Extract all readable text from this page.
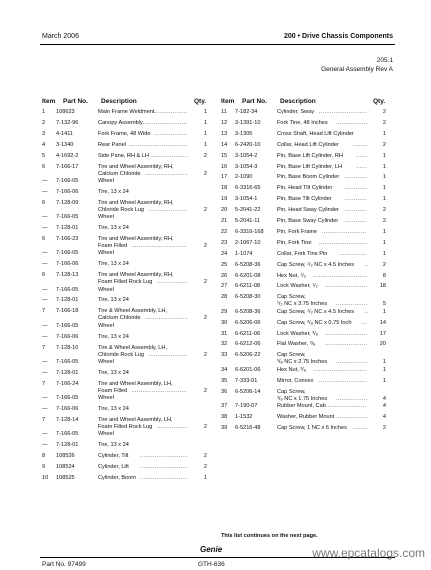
March 2006	200 • Drive Chassis Components
205.1
General Assembly Rev A
Item Part No. Description	Qty.
1 108623	Main Frame Weldment	1
..................
2 7-132-96	Canopy Assembly	1
........................
3 4-1411	Fork Frame, 48 Wide	1
..................
4 3-1340	Rear Panel	1
................................
5 4-1692-2	Side Pane, RH & LH	2
....................
6 7-166-17	Tire and Wheel Assembly, RH,
Calcium Chloride	2
.......................
— 7-166-05	Wheel
— 7-166-06	Tire, 13 x 24
6 7-128-09	Tire and Wheel Assembly, RH,
Chloride Rock Lug	2
.....................
— 7-166-05	Wheel
— 7-128-01	Tire, 13 x 24
6 7-166-23	Tire and Wheel Assembly, RH,
Foam Filled	2
..............................
— 7-166-05	Wheel
— 7-166-06	Tire, 13 x 24
6 7-128-13	Tire and Wheel Assembly, RH,
Foam Filled Rock Lug	2
.................
— 7-166-05	Wheel
— 7-128-01	Tire, 13 x 24
7 7-166-18	Tire & Wheel Assembly, LH,
Calcium Chloride	2
.......................
— 7-166-05	Wheel
— 7-166-06	Tire, 13 x 24
7 7-128-10	Tire & Wheel Assembly, LH,
Chloride Rock Lug	2
.....................
— 7-166-05	Wheel
— 7-128-01	Tire, 13 x 24
7 7-166-24	Tire and Wheel Assembly, LH,
Foam Filled	2
..............................
— 7-166-05	Wheel
— 7-166-06	Tire, 13 x 24
7 7-128-14	Tire and Wheel Assembly, LH,
Foam Filled Rock Lug	2
.................
— 7-166-05	Wheel
— 7-128-01	Tire, 13 x 24
8 108526	Cylinder, Tilt	2
..........................
9 108524	Cylinder, Lift	2
..........................
10 108525	Cylinder, Boom	1
..........................
Item Part No. Description	Qty.
11 7-182-34	Cylinder, Sway	2
..........................
12 3-1391-10	Fork Tine, 48 Inches	2
.................
13 3-1305	Cross Shaft, Head Lift Cylinder	1
14 6-2420-10	Collar, Head Lift Cylinder	2
........
15 3-1054-2	Pin, Base Lift Cylinder, RH	1
......
16 3-1054-3	Pin, Base Lift Cylinder, LH	1
......
17 2-1090	Pin, Base Boom Cylinder	1
............
18 6-3316-65	Pin, Head Tilt Cylinder	1
............
19 3-1054-1	Pin, Base Tilt Cylinder	1
............
20 5-2041-22	Pin, Head Sway Cylinder	2
............
21 5-2041-11	Pin, Base Sway Cylinder	2
............
22 6-3316-168 Pin, Fork Frame	1
........................
23 2-1067-10	Pin, Fork Tine	1
..........................
24 1-1074	Collar, Fork Tine Pin	1
...............
25 6-5208-36	Cap Screw, ¹/₂ NC x 4.5 Inches	2
..
26 6-6201-08	Hex Nut, ¹/₂	8
.............................
27 6-6211-08	Lock Washer, ¹/₂	18
.......................
28 6-5208-30	Cap Screw,
¹/₂ NC x 3.75 Inches	5
.................
29 6-5208-36	Cap Screw, ¹/₂ NC x 4.5 Inches	1
..
30 6-5206-06	Cap Screw, ³/₈ NC x 0.75 Inch	14
...
31 6-6211-06	Lock Washer, ³/₈	17
.......................
32 6-6212-06	Flat Washer, ³/₈	20
.......................
33 6-5206-22	Cap Screw,
³/₈ NC x 2.75 Inches	1
.................
34 6-6201-06	Hex Nut, ³/₈	1
.............................
35 7-333-01	Mirror, Convex	1
..........................
36 6-5206-14	Cap Screw,
³/₈ NC x 1.75 Inches	4
.................
37 7-190-07	Rubber Mount, Cab	4
.....................
38 1-1532	Washer, Rubber Mount	4
.................
39 6-5216-48	Cap Screw, 1 NC x 6 Inches	2
........
This list continues on the next page.
Genie
Part No. 97499	GTH-636
www.epcatalogs.com
